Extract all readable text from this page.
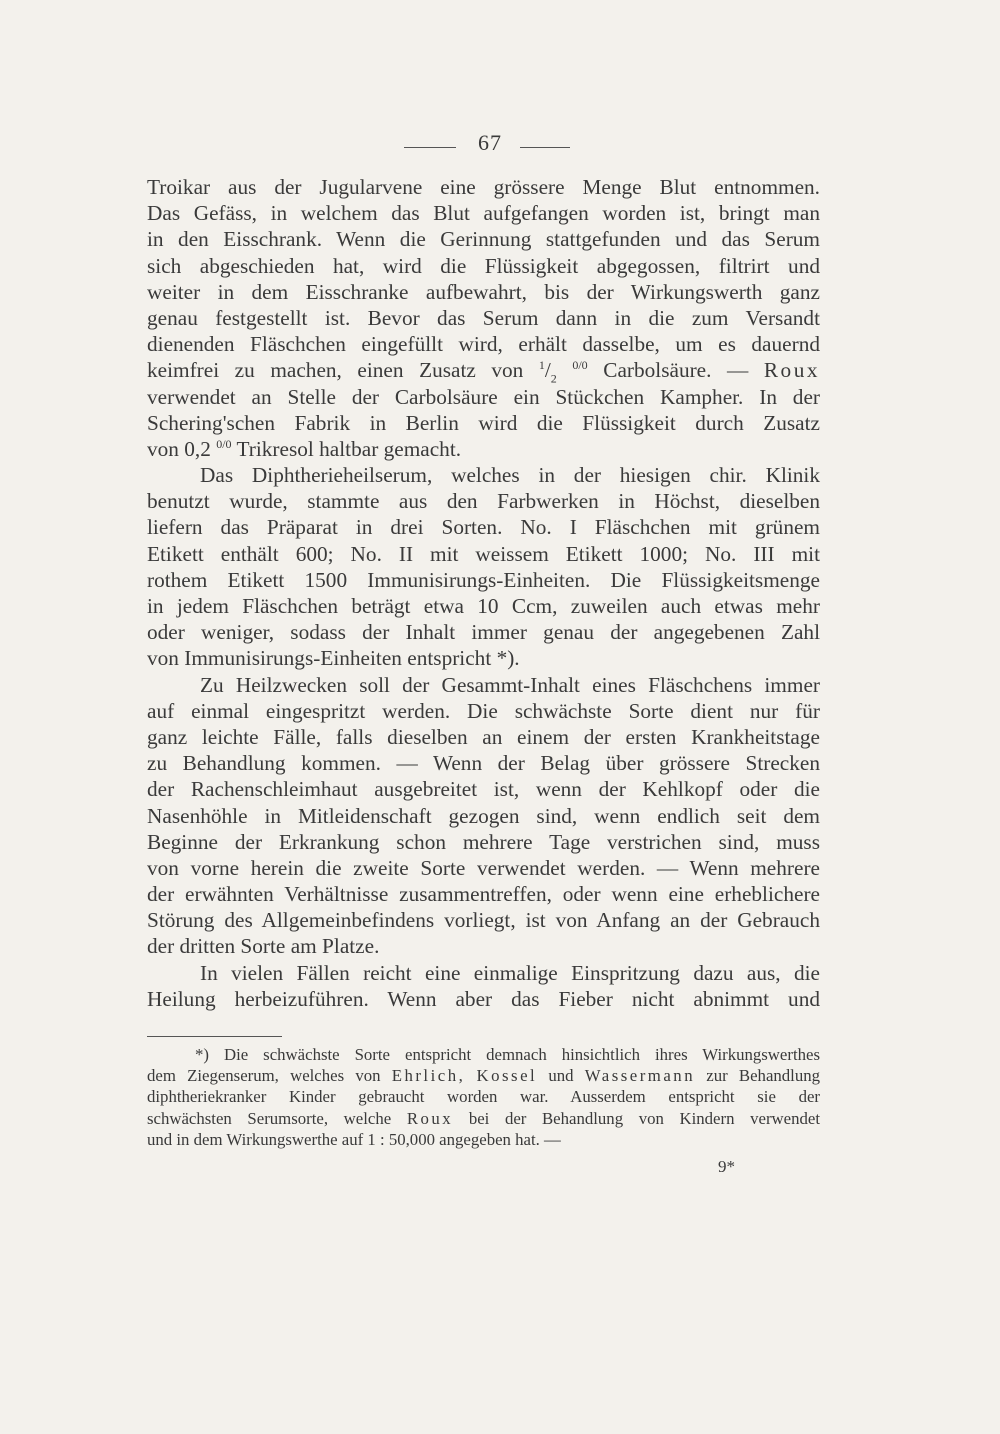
67
Troikar aus der Jugularvene eine grössere Menge Blut entnommen.
Das Gefäss, in welchem das Blut aufgefangen worden ist, bringt man
in den Eisschrank. Wenn die Gerinnung stattgefunden und das Serum
sich abgeschieden hat, wird die Flüssigkeit abgegossen, filtrirt und
weiter in dem Eisschranke aufbewahrt, bis der Wirkungswerth ganz
genau festgestellt ist. Bevor das Serum dann in die zum Versandt
dienenden Fläschchen eingefüllt wird, erhält dasselbe, um es dauernd
keimfrei zu machen, einen Zusatz von $^1/_2$ $^{0/0}$ Carbolsäure. — Roux
verwendet an Stelle der Carbolsäure ein Stückchen Kampher. In der
Schering'schen Fabrik in Berlin wird die Flüssigkeit durch Zusatz
von 0,2 $^{0/0}$ Trikresol haltbar gemacht.
Das Diphtherieheilserum, welches in der hiesigen chir. Klinik
benutzt wurde, stammte aus den Farbwerken in Höchst, dieselben
liefern das Präparat in drei Sorten. No. I Fläschchen mit grünem
Etikett enthält 600; No. II mit weissem Etikett 1000; No. III mit
rothem Etikett 1500 Immunisirungs-Einheiten. Die Flüssigkeitsmenge
in jedem Fläschchen beträgt etwa 10 Ccm, zuweilen auch etwas mehr
oder weniger, sodass der Inhalt immer genau der angegebenen Zahl
von Immunisirungs-Einheiten entspricht *).
Zu Heilzwecken soll der Gesammt-Inhalt eines Fläschchens immer
auf einmal eingespritzt werden. Die schwächste Sorte dient nur für
ganz leichte Fälle, falls dieselben an einem der ersten Krankheitstage
zu Behandlung kommen. — Wenn der Belag über grössere Strecken
der Rachenschleimhaut ausgebreitet ist, wenn der Kehlkopf oder die
Nasenhöhle in Mitleidenschaft gezogen sind, wenn endlich seit dem
Beginne der Erkrankung schon mehrere Tage verstrichen sind, muss
von vorne herein die zweite Sorte verwendet werden. — Wenn mehrere
der erwähnten Verhältnisse zusammentreffen, oder wenn eine erheblichere
Störung des Allgemeinbefindens vorliegt, ist von Anfang an der Gebrauch
der dritten Sorte am Platze.
In vielen Fällen reicht eine einmalige Einspritzung dazu aus, die
Heilung herbeizuführen. Wenn aber das Fieber nicht abnimmt und
*) Die schwächste Sorte entspricht demnach hinsichtlich ihres Wirkungswerthes
dem Ziegenserum, welches von Ehrlich, Kossel und Wassermann zur Behandlung
diphtheriekranker Kinder gebraucht worden war. Ausserdem entspricht sie der
schwächsten Serumsorte, welche Roux bei der Behandlung von Kindern verwendet
und in dem Wirkungswerthe auf 1 : 50,000 angegeben hat. —
9*
